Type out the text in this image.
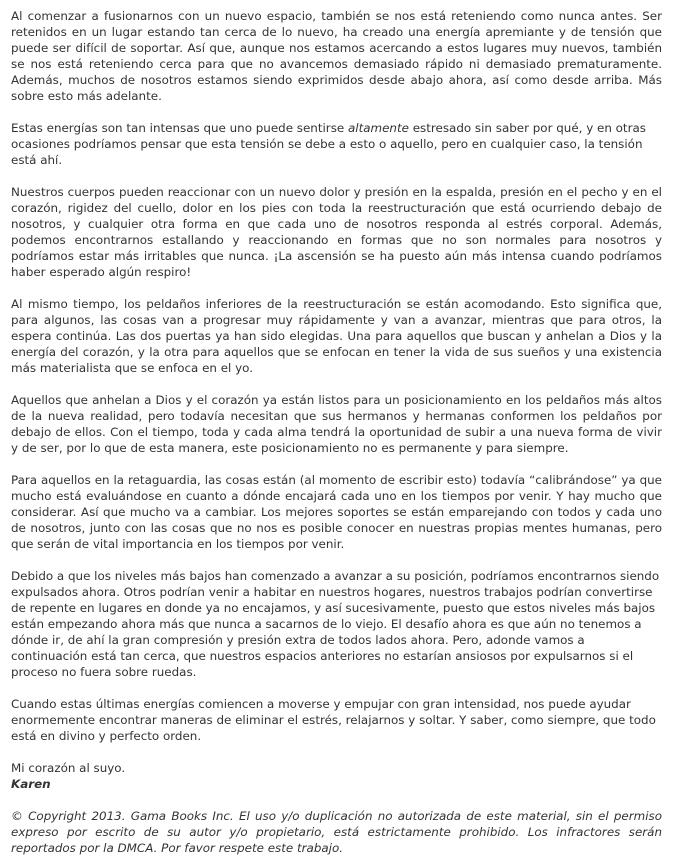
Al comenzar a fusionarnos con un nuevo espacio, también se nos está reteniendo como nunca antes. Ser retenidos en un lugar estando tan cerca de lo nuevo, ha creado una energía apremiante y de tensión que puede ser difícil de soportar. Así que, aunque nos estamos acercando a estos lugares muy nuevos, también se nos está reteniendo cerca para que no avancemos demasiado rápido ni demasiado prematuramente. Además, muchos de nosotros estamos siendo exprimidos desde abajo ahora, así como desde arriba. Más sobre esto más adelante.

Estas energías son tan intensas que uno puede sentirse altamente estresado sin saber por qué, y en otras ocasiones podríamos pensar que esta tensión se debe a esto o aquello, pero en cualquier caso, la tensión está ahí.

Nuestros cuerpos pueden reaccionar con un nuevo dolor y presión en la espalda, presión en el pecho y en el corazón, rigidez del cuello, dolor en los pies con toda la reestructuración que está ocurriendo debajo de nosotros, y cualquier otra forma en que cada uno de nosotros responda al estrés corporal. Además, podemos encontrarnos estallando y reaccionando en formas que no son normales para nosotros y podríamos estar más irritables que nunca. ¡La ascensión se ha puesto aún más intensa cuando podríamos haber esperado algún respiro!

Al mismo tiempo, los peldaños inferiores de la reestructuración se están acomodando. Esto significa que, para algunos, las cosas van a progresar muy rápidamente y van a avanzar, mientras que para otros, la espera continúa. Las dos puertas ya han sido elegidas. Una para aquellos que buscan y anhelan a Dios y la energía del corazón, y la otra para aquellos que se enfocan en tener la vida de sus sueños y una existencia más materialista que se enfoca en el yo.

Aquellos que anhelan a Dios y el corazón ya están listos para un posicionamiento en los peldaños más altos de la nueva realidad, pero todavía necesitan que sus hermanos y hermanas conformen los peldaños por debajo de ellos. Con el tiempo, toda y cada alma tendrá la oportunidad de subir a una nueva forma de vivir y de ser, por lo que de esta manera, este posicionamiento no es permanente y para siempre.

Para aquellos en la retaguardia, las cosas están (al momento de escribir esto) todavía “calibrándose” ya que mucho está evaluándose en cuanto a dónde encajará cada uno en los tiempos por venir. Y hay mucho que considerar. Así que mucho va a cambiar. Los mejores soportes se están emparejando con todos y cada uno de nosotros, junto con las cosas que no nos es posible conocer en nuestras propias mentes humanas, pero que serán de vital importancia en los tiempos por venir.

Debido a que los niveles más bajos han comenzado a avanzar a su posición, podríamos encontrarnos siendo expulsados ahora. Otros podrían venir a habitar en nuestros hogares, nuestros trabajos podrían convertirse de repente en lugares en donde ya no encajamos, y así sucesivamente, puesto que estos niveles más bajos están empezando ahora más que nunca a sacarnos de lo viejo. El desafío ahora es que aún no tenemos a dónde ir, de ahí la gran compresión y presión extra de todos lados ahora. Pero, adonde vamos a continuación está tan cerca, que nuestros espacios anteriores no estarían ansiosos por expulsarnos si el proceso no fuera sobre ruedas.

Cuando estas últimas energías comiencen a moverse y empujar con gran intensidad, nos puede ayudar enormemente encontrar maneras de eliminar el estrés, relajarnos y soltar. Y saber, como siempre, que todo está en divino y perfecto orden.

Mi corazón al suyo.
Karen

© Copyright 2013. Gama Books Inc. El uso y/o duplicación no autorizada de este material, sin el permiso expreso por escrito de su autor y/o propietario, está estrictamente prohibido. Los infractores serán reportados por la DMCA. Por favor respete este trabajo.
